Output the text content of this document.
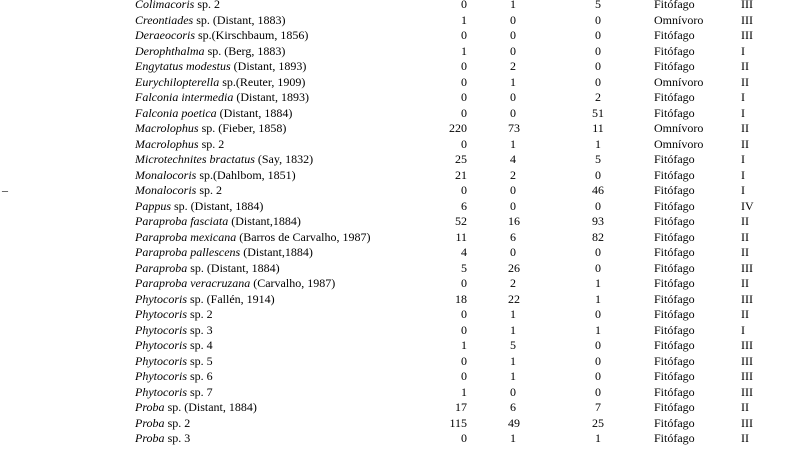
–
Colimacoris sp. 2	0	1	5	Fitófago	III
Creontiades sp. (Distant, 1883)	1	0	0	Omnívoro	III
Deraeocoris sp.(Kirschbaum, 1856)	0	0	0	Fitófago	III
Derophthalma sp. (Berg, 1883)	1	0	0	Fitófago	I
Engytatus modestus (Distant, 1893)	0	2	0	Fitófago	II
Eurychilopterella sp.(Reuter, 1909)	0	1	0	Omnívoro	II
Falconia intermedia (Distant, 1893)	0	0	2	Fitófago	I
Falconia poetica (Distant, 1884)	0	0	51	Fitófago	I
Macrolophus sp. (Fieber, 1858)	220	73	11	Omnívoro	II
Macrolophus sp. 2	0	1	1	Omnívoro	II
Microtechnites bractatus (Say, 1832)	25	4	5	Fitófago	I
Monalocoris sp.(Dahlbom, 1851)	21	2	0	Fitófago	I
Monalocoris sp. 2	0	0	46	Fitófago	I
Pappus sp. (Distant, 1884)	6	0	0	Fitófago	IV
Paraproba fasciata (Distant,1884)	52	16	93	Fitófago	II
Paraproba mexicana (Barros de Carvalho, 1987)	11	6	82	Fitófago	II
Paraproba pallescens (Distant,1884)	4	0	0	Fitófago	II
Paraproba sp. (Distant, 1884)	5	26	0	Fitófago	III
Paraproba veracruzana (Carvalho, 1987)	0	2	1	Fitófago	II
Phytocoris sp. (Fallén, 1914)	18	22	1	Fitófago	III
Phytocoris sp. 2	0	1	0	Fitófago	II
Phytocoris sp. 3	0	1	1	Fitófago	I
Phytocoris sp. 4	1	5	0	Fitófago	III
Phytocoris sp. 5	0	1	0	Fitófago	III
Phytocoris sp. 6	0	1	0	Fitófago	III
Phytocoris sp. 7	1	0	0	Fitófago	III
Proba sp. (Distant, 1884)	17	6	7	Fitófago	II
Proba sp. 2	115	49	25	Fitófago	III
Proba sp. 3	0	1	1	Fitófago	II
